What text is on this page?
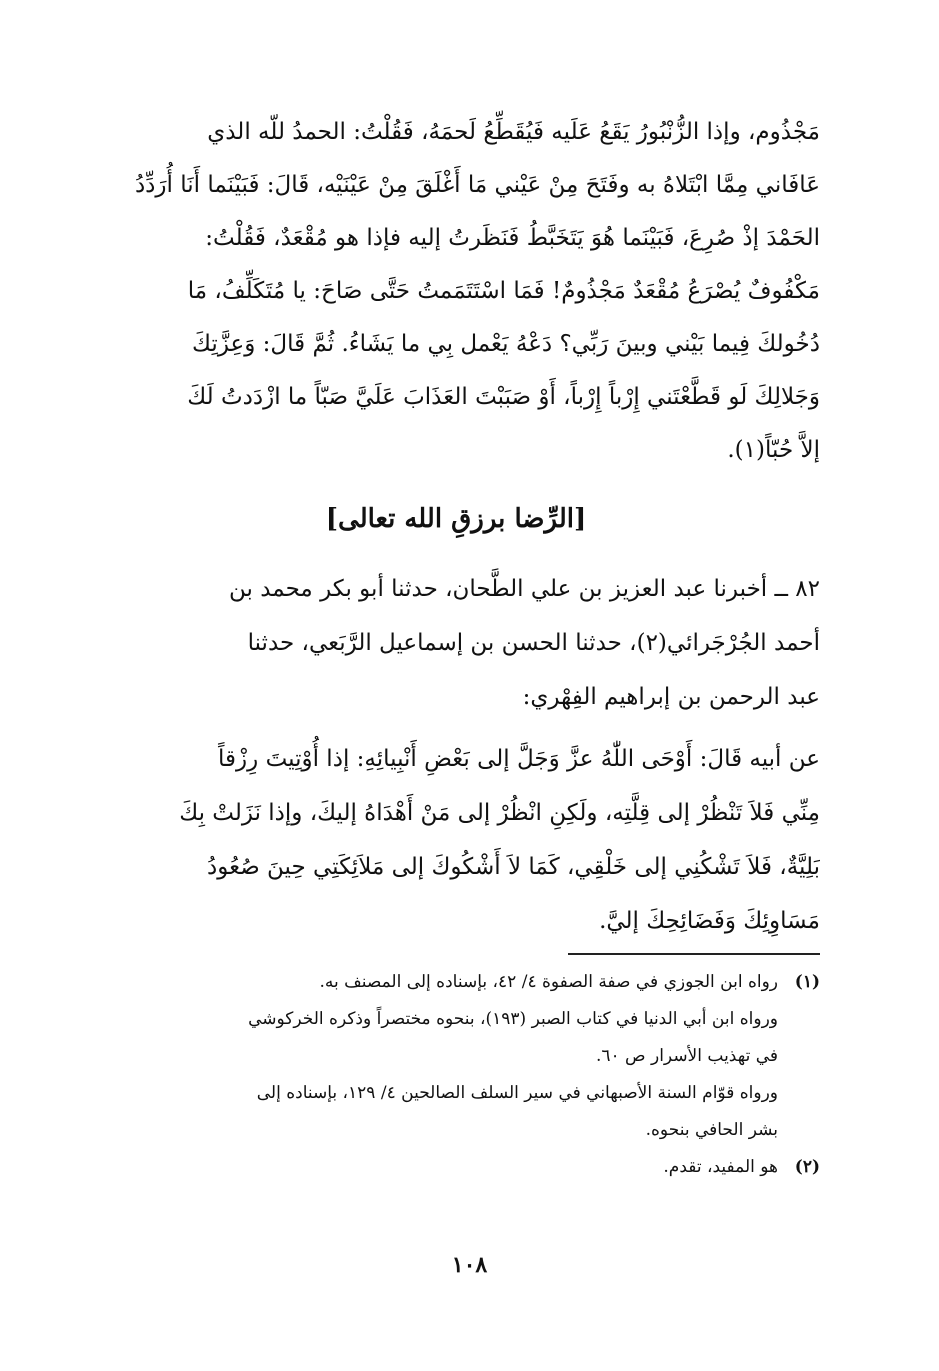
مَجْذُوم، وإذا الزُّنْبُورُ يَقَعُ عَلَيه فَيُقَطِّعُ لَحمَهُ، فَقُلْتُ: الحمدُ للّه الذي
عَافَاني مِمَّا ابْتَلاهُ به وفَتَحَ مِنْ عَيْني مَا أَغْلَقَ مِنْ عَيْنَيْه، قَالَ: فَبَيْنَما أَنَا أُرَدِّدُ
الحَمْدَ إذْ صُرِعَ، فَبَيْنَما هُوَ يَتَخَبَّطُ فَنَظَرتُ إليه فإذا هو مُقْعَدٌ، فَقُلْتُ:
مَكْفُوفٌ يُصْرَعُ مُقْعَدٌ مَجْذُومٌ! فَمَا اسْتَتَمَمتُ حَتَّى صَاحَ: يا مُتَكَلِّفُ، مَا
دُخُولكَ فِيما بَيْني وبينَ رَبِّي؟ دَعْهُ يَعْمل بِي ما يَشَاءُ. ثُمَّ قَالَ: وَعِزَّتِكَ
وَجَلالِكَ لَو قَطَّعْتَني إِرْباً إِرْباً، أَوْ صَبَبْتَ العَذَابَ عَلَيَّ صَبّاً ما ازْدَدتُ لَكَ
إلاَّ حُبّاً(١).
[الرِّضا برزقِ الله تعالى]
٨٢ ــ أخبرنا عبد العزيز بن علي الطَّحان، حدثنا أبو بكر محمد بن
أحمد الجُرْجَرائي(٢)، حدثنا الحسن بن إسماعيل الرَّبَعي، حدثنا
عبد الرحمن بن إبراهيم الفِهْري:
عن أبيه قَالَ: أَوْحَى اللّٰهُ عزَّ وَجَلَّ إلى بَعْضِ أَنْبِيائِهِ: إذا أُوْتِيتَ رِزْقاً
مِنِّي فَلاَ تَنْظُرْ إلى قِلَّتِه، ولَكِنِ انْظُرْ إلى مَنْ أَهْدَاهُ إليكَ، وإذا نَزَلتْ بِكَ
بَلِيَّةٌ، فَلاَ تَشْكُنِي إلى خَلْقِي، كَمَا لاَ أَشْكُوكَ إلى مَلاَئِكَتِي حِينَ صُعُودُ
مَسَاوِئِكَ وَفَضَائِحِكَ إليَّ.
(١)رواه ابن الجوزي في صفة الصفوة ٤/ ٤٢، بإسناده إلى المصنف به.
ورواه ابن أبي الدنيا في كتاب الصبر (١٩٣)، بنحوه مختصراً وذكره الخركوشي
في تهذيب الأسرار ص ٦٠.
ورواه قوّام السنة الأصبهاني في سير السلف الصالحين ٤/ ١٢٩، بإسناده إلى
بشر الحافي بنحوه.
(٢)هو المفيد، تقدم.
١٠٨
